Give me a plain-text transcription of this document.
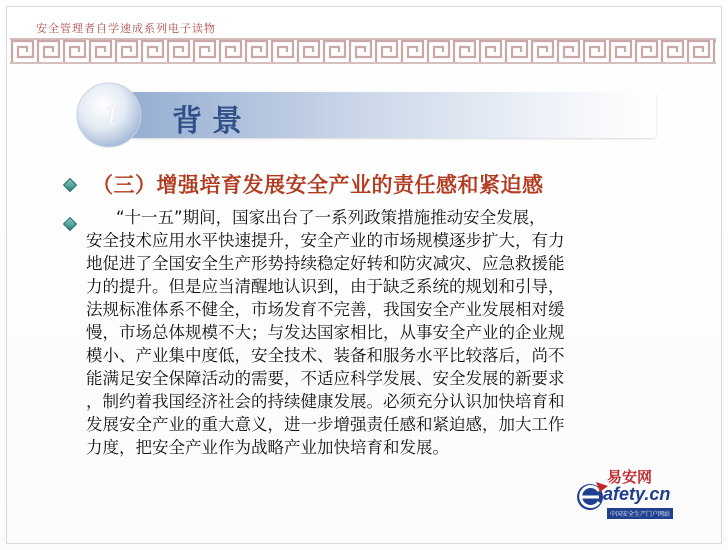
安全管理者自学速成系列电子读物
背景
1
（三）增强培育发展安全产业的责任感和紧迫感
“十一五”期间，国家出台了一系列政策措施推动安全发展，
安全技术应用水平快速提升，安全产业的市场规模逐步扩大，有力
地促进了全国安全生产形势持续稳定好转和防灾减灾、应急救援能
力的提升。但是应当清醒地认识到，由于缺乏系统的规划和引导，
法规标准体系不健全，市场发育不完善，我国安全产业发展相对缓
慢，市场总体规模不大；与发达国家相比，从事安全产业的企业规
模小、产业集中度低，安全技术、装备和服务水平比较落后，尚不
能满足安全保障活动的需要，不适应科学发展、安全发展的新要求
，制约着我国经济社会的持续健康发展。必须充分认识加快培育和
发展安全产业的重大意义，进一步增强责任感和紧迫感，加大工作
力度，把安全产业作为战略产业加快培育和发展。
易安网
afety.cn
中国安全生产门户网站
